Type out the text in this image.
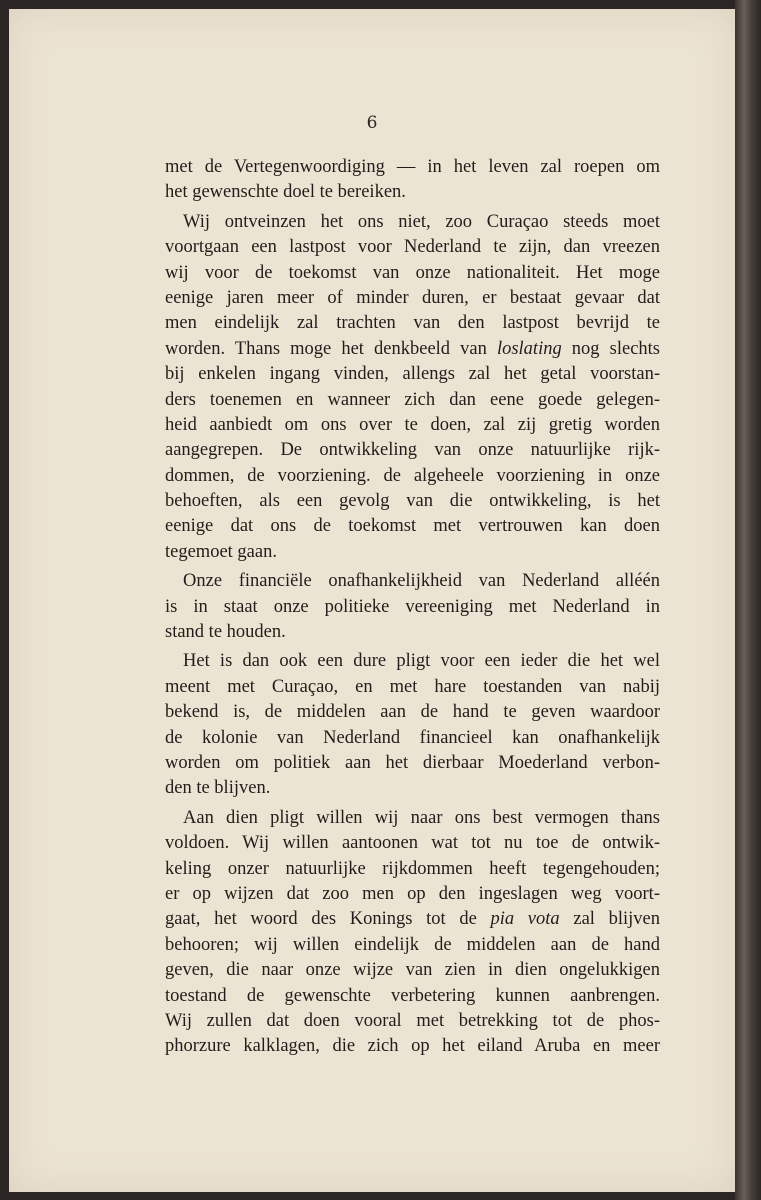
6

met de Vertegenwoordiging — in het leven zal roepen om
het gewenschte doel te bereiken.
Wij ontveinzen het ons niet, zoo Curaçao steeds moet
voortgaan een lastpost voor Nederland te zijn, dan vreezen
wij voor de toekomst van onze nationaliteit. Het moge
eenige jaren meer of minder duren, er bestaat gevaar dat
men eindelijk zal trachten van den lastpost bevrijd te
worden. Thans moge het denkbeeld van loslating nog slechts
bij enkelen ingang vinden, allengs zal het getal voorstan-
ders toenemen en wanneer zich dan eene goede gelegen-
heid aanbiedt om ons over te doen, zal zij gretig worden
aangegrepen. De ontwikkeling van onze natuurlijke rijk-
dommen, de voorziening. de algeheele voorziening in onze
behoeften, als een gevolg van die ontwikkeling, is het
eenige dat ons de toekomst met vertrouwen kan doen
tegemoet gaan.
Onze financiële onafhankelijkheid van Nederland alléén
is in staat onze politieke vereeniging met Nederland in
stand te houden.
Het is dan ook een dure pligt voor een ieder die het wel
meent met Curaçao, en met hare toestanden van nabij
bekend is, de middelen aan de hand te geven waardoor
de kolonie van Nederland financieel kan onafhankelijk
worden om politiek aan het dierbaar Moederland verbon-
den te blijven.
Aan dien pligt willen wij naar ons best vermogen thans
voldoen. Wij willen aantoonen wat tot nu toe de ontwik-
keling onzer natuurlijke rijkdommen heeft tegengehouden;
er op wijzen dat zoo men op den ingeslagen weg voort-
gaat, het woord des Konings tot de pia vota zal blijven
behooren; wij willen eindelijk de middelen aan de hand
geven, die naar onze wijze van zien in dien ongelukkigen
toestand de gewenschte verbetering kunnen aanbrengen.
Wij zullen dat doen vooral met betrekking tot de phos-
phorzure kalklagen, die zich op het eiland Aruba en meer
